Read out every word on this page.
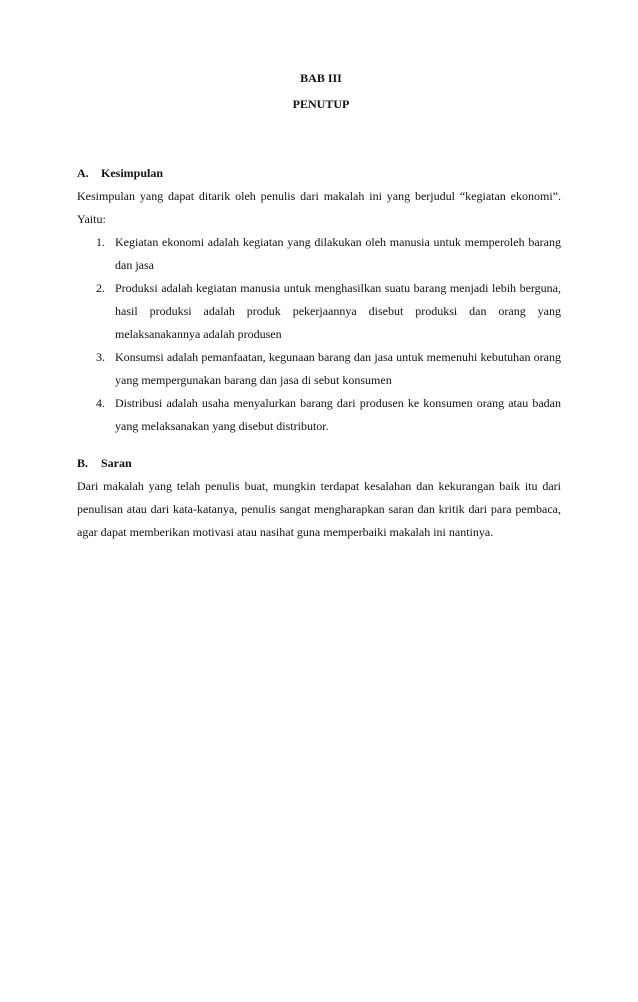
BAB III
PENUTUP
A. Kesimpulan
Kesimpulan yang dapat ditarik oleh penulis dari makalah ini yang berjudul “kegiatan ekonomi”. Yaitu:
1. Kegiatan ekonomi adalah kegiatan yang dilakukan oleh manusia untuk memperoleh barang dan jasa
2. Produksi adalah kegiatan manusia untuk menghasilkan suatu barang menjadi lebih berguna, hasil produksi adalah produk pekerjaannya disebut produksi dan orang yang melaksanakannya adalah produsen
3. Konsumsi adalah pemanfaatan, kegunaan barang dan jasa untuk memenuhi kebutuhan orang yang mempergunakan barang dan jasa di sebut konsumen
4. Distribusi adalah usaha menyalurkan barang dari produsen ke konsumen orang atau badan yang melaksanakan yang disebut distributor.
B. Saran
Dari makalah yang telah penulis buat, mungkin terdapat kesalahan dan kekurangan baik itu dari penulisan atau dari kata-katanya, penulis sangat mengharapkan saran dan kritik dari para pembaca, agar dapat memberikan motivasi atau nasihat guna memperbaiki makalah ini nantinya.
